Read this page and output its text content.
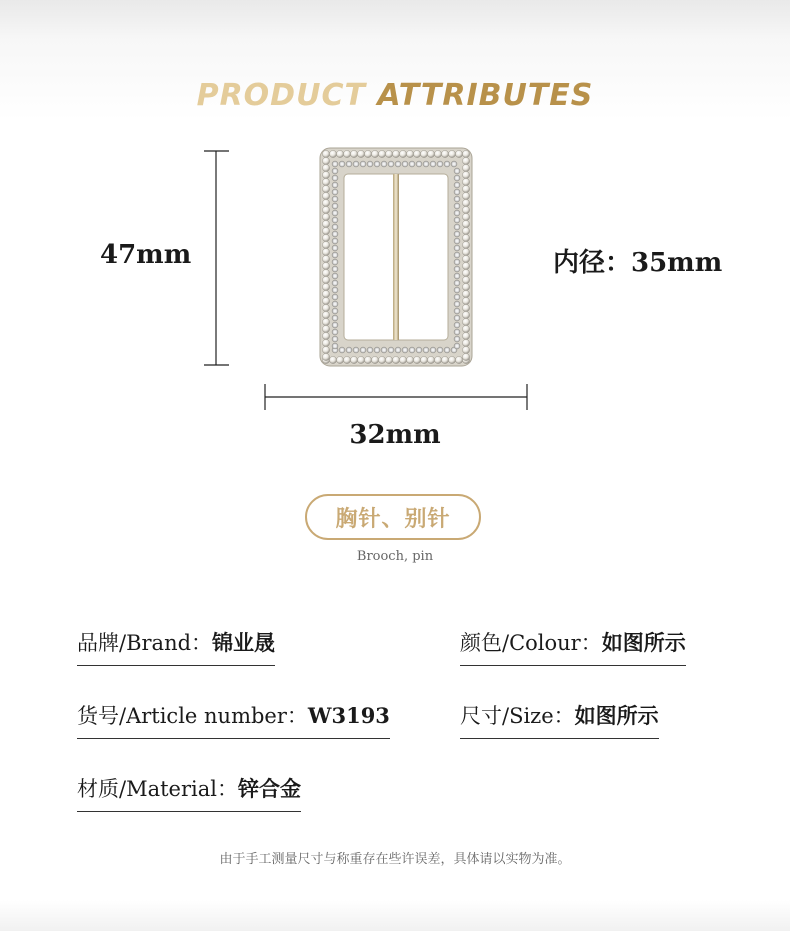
PRODUCT ATTRIBUTES
47mm
32mm
内径：35mm
胸针、别针
Brooch, pin
品牌/Brand：锦业晟	颜色/Colour：如图所示
货号/Article number：W3193	尺寸/Size：如图所示
材质/Material：锌合金
由于手工测量尺寸与称重存在些许误差，具体请以实物为准。
